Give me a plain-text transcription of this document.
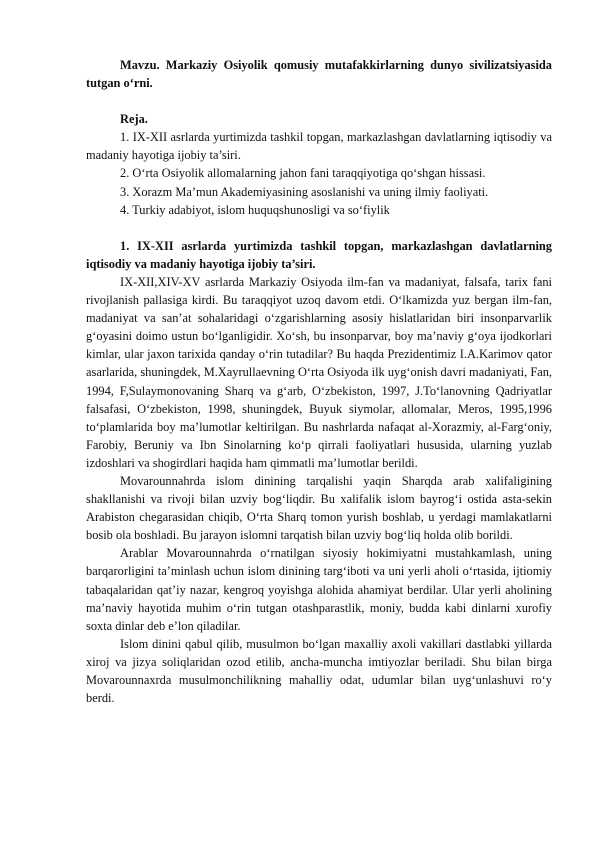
Mavzu. Markaziy Osiyolik qomusiy mutafakkirlarning dunyo sivilizatsiyasida tutgan o‘rni.

Reja.

1. IX-XII asrlarda yurtimizda tashkil topgan, markazlashgan davlatlarning iqtisodiy va madaniy hayotiga ijobiy ta’siri.

2. O‘rta Osiyolik allomalarning jahon fani taraqqiyotiga qo‘shgan hissasi.

3. Xorazm Ma’mun Akademiyasining asoslanishi va uning ilmiy faoliyati.

4. Turkiy adabiyot, islom huquqshunosligi va so‘fiylik

1. IX-XII asrlarda yurtimizda tashkil topgan, markazlashgan davlatlarning iqtisodiy va madaniy hayotiga ijobiy ta’siri.

IX-XII,XIV-XV asrlarda Markaziy Osiyoda ilm-fan va madaniyat, falsafa, tarix fani rivojlanish pallasiga kirdi. Bu taraqqiyot uzoq davom etdi. O‘lkamizda yuz bergan ilm-fan, madaniyat va san’at sohalaridagi o‘zgarishlarning asosiy hislatlaridan biri insonparvarlik g‘oyasini doimo ustun bo‘lganligidir. Xo‘sh, bu insonparvar, boy ma’naviy g‘oya ijodkorlari kimlar, ular jaxon tarixida qanday o‘rin tutadilar? Bu haqda Prezidentimiz I.A.Karimov qator asarlarida, shuningdek, M.Xayrullaevning O‘rta Osiyoda ilk uyg‘onish davri madaniyati, Fan, 1994, F,Sulaymonovaning Sharq va g‘arb, O‘zbekiston, 1997, J.To‘lanovning Qadriyatlar falsafasi, O‘zbekiston, 1998, shuningdek, Buyuk siymolar, allomalar, Meros, 1995,1996 to‘plamlarida boy ma’lumotlar keltirilgan. Bu nashrlarda nafaqat al-Xorazmiy, al-Farg‘oniy, Farobiy, Beruniy va Ibn Sinolarning ko‘p qirrali faoliyatlari hususida, ularning yuzlab izdoshlari va shogirdlari haqida ham qimmatli ma’lumotlar berildi.

Movarounnahrda islom dinining tarqalishi yaqin Sharqda arab xalifaligining shakllanishi va rivoji bilan uzviy bog‘liqdir. Bu xalifalik islom bayrog‘i ostida asta-sekin Arabiston chegarasidan chiqib, O‘rta Sharq tomon yurish boshlab, u yerdagi mamlakatlarni bosib ola boshladi. Bu jarayon islomni tarqatish bilan uzviy bog‘liq holda olib borildi.

Arablar Movarounnahrda o‘rnatilgan siyosiy hokimiyatni mustahkamlash, uning barqarorligini ta’minlash uchun islom dinining targ‘iboti va uni yerli aholi o‘rtasida, ijtiomiy tabaqalaridan qat’iy nazar, kengroq yoyishga alohida ahamiyat berdilar. Ular yerli aholining ma’naviy hayotida muhim o‘rin tutgan otashparastlik, moniy, budda kabi dinlarni xurofiy soxta dinlar deb e’lon qiladilar.

Islom dinini qabul qilib, musulmon bo‘lgan maxalliy axoli vakillari dastlabki yillarda xiroj va jizya soliqlaridan ozod etilib, ancha-muncha imtiyozlar beriladi. Shu bilan birga Movarounnaxrda musulmonchilikning mahalliy odat, udumlar bilan uyg‘unlashuvi ro‘y berdi.
